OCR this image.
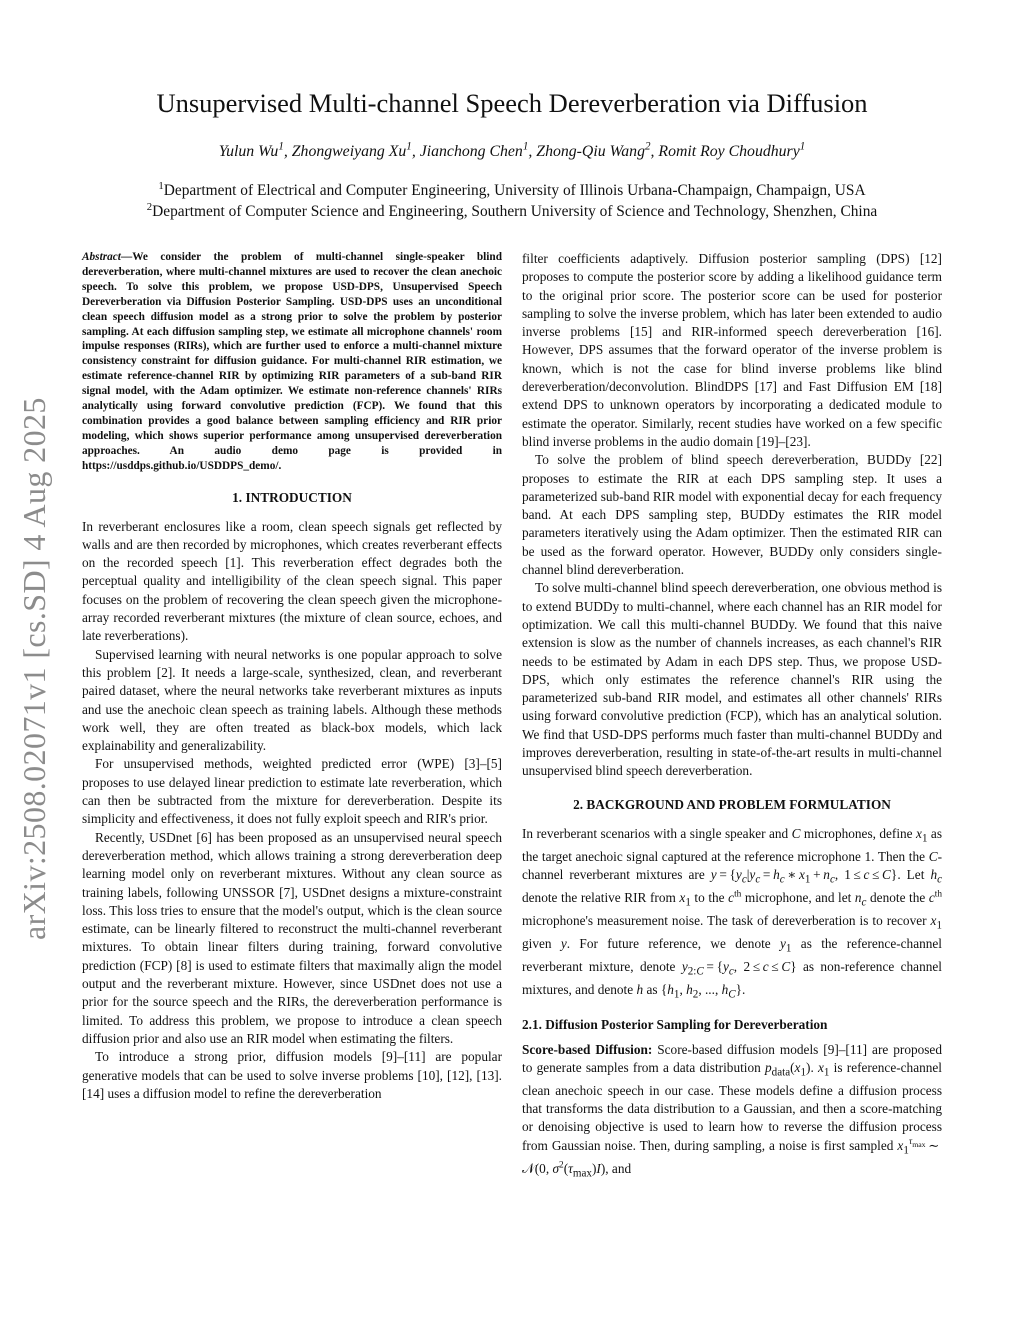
arXiv:2508.02071v1 [cs.SD] 4 Aug 2025
Unsupervised Multi-channel Speech Dereverberation via Diffusion
Yulun Wu$^1$, Zhongweiyang Xu$^1$, Jianchong Chen$^1$, Zhong-Qiu Wang$^2$, Romit Roy Choudhury$^1$
$^1$Department of Electrical and Computer Engineering, University of Illinois Urbana-Champaign, Champaign, USA
$^2$Department of Computer Science and Engineering, Southern University of Science and Technology, Shenzhen, China

Abstract—We consider the problem of multi-channel single-speaker blind dereverberation, where multi-channel mixtures are used to recover the clean anechoic speech. To solve this problem, we propose USD-DPS, Unsupervised Speech Dereverberation via Diffusion Posterior Sampling. USD-DPS uses an unconditional clean speech diffusion model as a strong prior to solve the problem by posterior sampling. At each diffusion sampling step, we estimate all microphone channels' room impulse responses (RIRs), which are further used to enforce a multi-channel mixture consistency constraint for diffusion guidance. For multi-channel RIR estimation, we estimate reference-channel RIR by optimizing RIR parameters of a sub-band RIR signal model, with the Adam optimizer. We estimate non-reference channels' RIRs analytically using forward convolutive prediction (FCP). We found that this combination provides a good balance between sampling efficiency and RIR prior modeling, which shows superior performance among unsupervised dereverberation approaches. An audio demo page is provided in https://usddps.github.io/USDDPS_demo/.

1. INTRODUCTION

In reverberant enclosures like a room, clean speech signals get reflected by walls and are then recorded by microphones, which creates reverberant effects on the recorded speech [1]. This reverberation effect degrades both the perceptual quality and intelligibility of the clean speech signal. This paper focuses on the problem of recovering the clean speech given the microphone-array recorded reverberant mixtures (the mixture of clean source, echoes, and late reverberations).

Supervised learning with neural networks is one popular approach to solve this problem [2]. It needs a large-scale, synthesized, clean, and reverberant paired dataset, where the neural networks take reverberant mixtures as inputs and use the anechoic clean speech as training labels. Although these methods work well, they are often treated as black-box models, which lack explainability and generalizability.

For unsupervised methods, weighted predicted error (WPE) [3]–[5] proposes to use delayed linear prediction to estimate late reverberation, which can then be subtracted from the mixture for dereverberation. Despite its simplicity and effectiveness, it does not fully exploit speech and RIR's prior.

Recently, USDnet [6] has been proposed as an unsupervised neural speech dereverberation method, which allows training a strong dereverberation deep learning model only on reverberant mixtures. Without any clean source as training labels, following UNSSOR [7], USDnet designs a mixture-constraint loss. This loss tries to ensure that the model's output, which is the clean source estimate, can be linearly filtered to reconstruct the multi-channel reverberant mixtures. To obtain linear filters during training, forward convolutive prediction (FCP) [8] is used to estimate filters that maximally align the model output and the reverberant mixture. However, since USDnet does not use a prior for the source speech and the RIRs, the dereverberation performance is limited. To address this problem, we propose to introduce a clean speech diffusion prior and also use an RIR model when estimating the filters.

To introduce a strong prior, diffusion models [9]–[11] are popular generative models that can be used to solve inverse problems [10], [12], [13]. [14] uses a diffusion model to refine the dereverberation

filter coefficients adaptively. Diffusion posterior sampling (DPS) [12] proposes to compute the posterior score by adding a likelihood guidance term to the original prior score. The posterior score can be used for posterior sampling to solve the inverse problem, which has later been extended to audio inverse problems [15] and RIR-informed speech dereverberation [16]. However, DPS assumes that the forward operator of the inverse problem is known, which is not the case for blind inverse problems like blind dereverberation/deconvolution. BlindDPS [17] and Fast Diffusion EM [18] extend DPS to unknown operators by incorporating a dedicated module to estimate the operator. Similarly, recent studies have worked on a few specific blind inverse problems in the audio domain [19]–[23].

To solve the problem of blind speech dereverberation, BUDDy [22] proposes to estimate the RIR at each DPS sampling step. It uses a parameterized sub-band RIR model with exponential decay for each frequency band. At each DPS sampling step, BUDDy estimates the RIR model parameters iteratively using the Adam optimizer. Then the estimated RIR can be used as the forward operator. However, BUDDy only considers single-channel blind dereverberation.

To solve multi-channel blind speech dereverberation, one obvious method is to extend BUDDy to multi-channel, where each channel has an RIR model for optimization. We call this multi-channel BUDDy. We found that this naive extension is slow as the number of channels increases, as each channel's RIR needs to be estimated by Adam in each DPS step. Thus, we propose USD-DPS, which only estimates the reference channel's RIR using the parameterized sub-band RIR model, and estimates all other channels' RIRs using forward convolutive prediction (FCP), which has an analytical solution. We find that USD-DPS performs much faster than multi-channel BUDDy and improves dereverberation, resulting in state-of-the-art results in multi-channel unsupervised blind speech dereverberation.

2. BACKGROUND AND PROBLEM FORMULATION

In reverberant scenarios with a single speaker and C microphones, define $x_1$ as the target anechoic signal captured at the reference microphone 1. Then the C-channel reverberant mixtures are $y = \{y_c|y_c = h_c$ ∗ $x_1 + n_c$, 1 ≤ c ≤ C}. Let $h_c$ denote the relative RIR from $x_1$ to the $c^{th}$ microphone, and let $n_c$ denote the $c^{th}$ microphone's measurement noise. The task of dereverberation is to recover $x_1$ given y. For future reference, we denote $y_1$ as the reference-channel reverberant mixture, denote $y_{2:C} = \{y_c$, 2 ≤ c ≤ C} as non-reference channel mixtures, and denote h as {$h_1$, $h_2$, ..., $h_C$}.

2.1. Diffusion Posterior Sampling for Dereverberation

Score-based Diffusion: Score-based diffusion models [9]–[11] are proposed to generate samples from a data distribution $p_{data}(x_1)$. $x_1$ is reference-channel clean anechoic speech in our case. These models define a diffusion process that transforms the data distribution to a Gaussian, and then a score-matching or denoising objective is used to learn how to reverse the diffusion process from Gaussian noise. Then, during sampling, a noise is first sampled $x_1^{\tau_{max}}$ ∼ 𝒩(0, $\sigma^2(\tau_{max})I$), and
